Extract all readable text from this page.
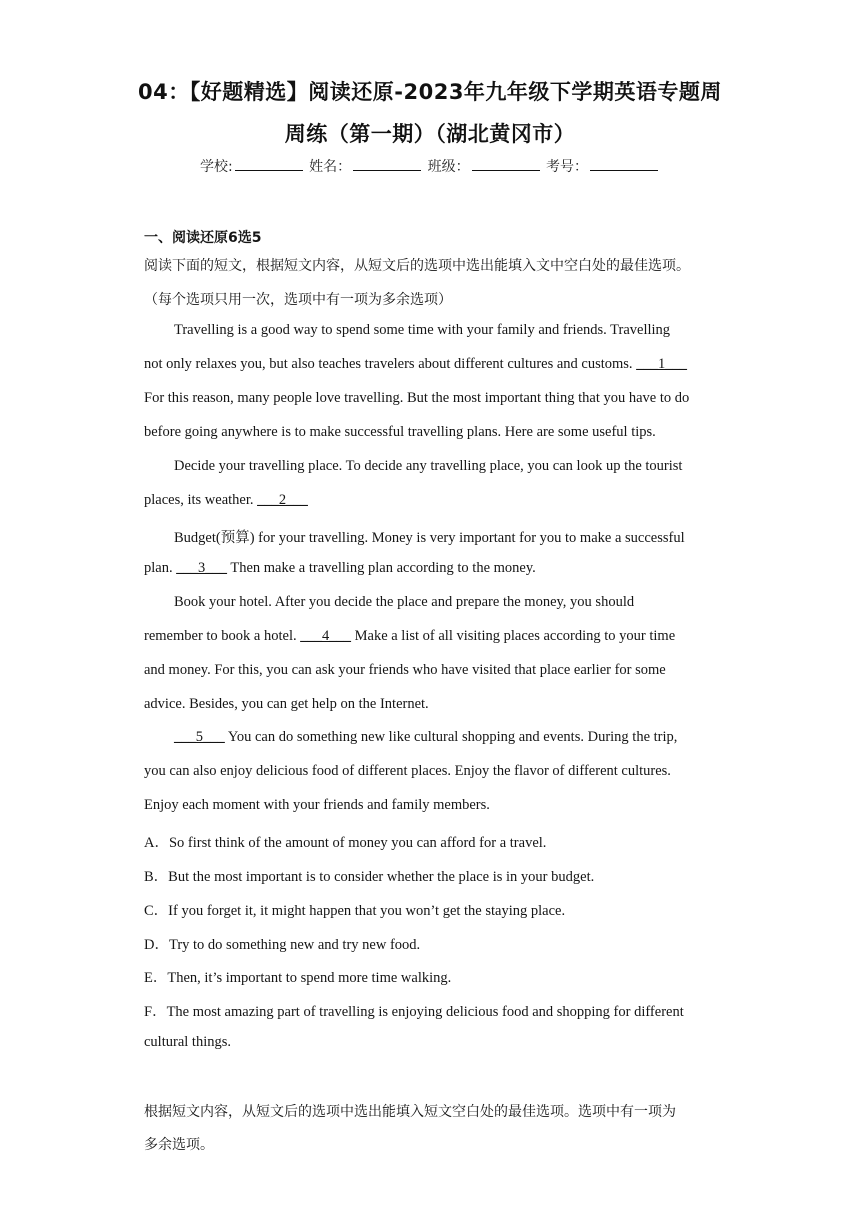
04：【好题精选】阅读还原-2023年九年级下学期英语专题周
周练（第一期）（湖北黄冈市）
学校:	姓名：	班级：	考号：
一、阅读还原6选5
阅读下面的短文，根据短文内容，从短文后的选项中选出能填入文中空白处的最佳选项。
（每个选项只用一次，选项中有一项为多余选项）
Travelling is a good way to spend some time with your family and friends. Travelling
not only relaxes you, but also teaches travelers about different cultures and customs. ___1___
For this reason, many people love travelling. But the most important thing that you have to do
before going anywhere is to make successful travelling plans. Here are some useful tips.
Decide your travelling place. To decide any travelling place, you can look up the tourist
places, its weather. ___2___
Budget(预算) for your travelling. Money is very important for you to make a successful
plan. ___3___ Then make a travelling plan according to the money.
Book your hotel. After you decide the place and prepare the money, you should
remember to book a hotel. ___4___ Make a list of all visiting places according to your time
and money. For this, you can ask your friends who have visited that place earlier for some
advice. Besides, you can get help on the Internet.
___5___ You can do something new like cultural shopping and events. During the trip,
you can also enjoy delicious food of different places. Enjoy the flavor of different cultures.
Enjoy each moment with your friends and family members.
A．So first think of the amount of money you can afford for a travel.
B．But the most important is to consider whether the place is in your budget.
C．If you forget it, it might happen that you won’t get the staying place.
D．Try to do something new and try new food.
E．Then, it’s important to spend more time walking.
F．The most amazing part of travelling is enjoying delicious food and shopping for different
cultural things.
根据短文内容，从短文后的选项中选出能填入短文空白处的最佳选项。选项中有一项为
多余选项。
